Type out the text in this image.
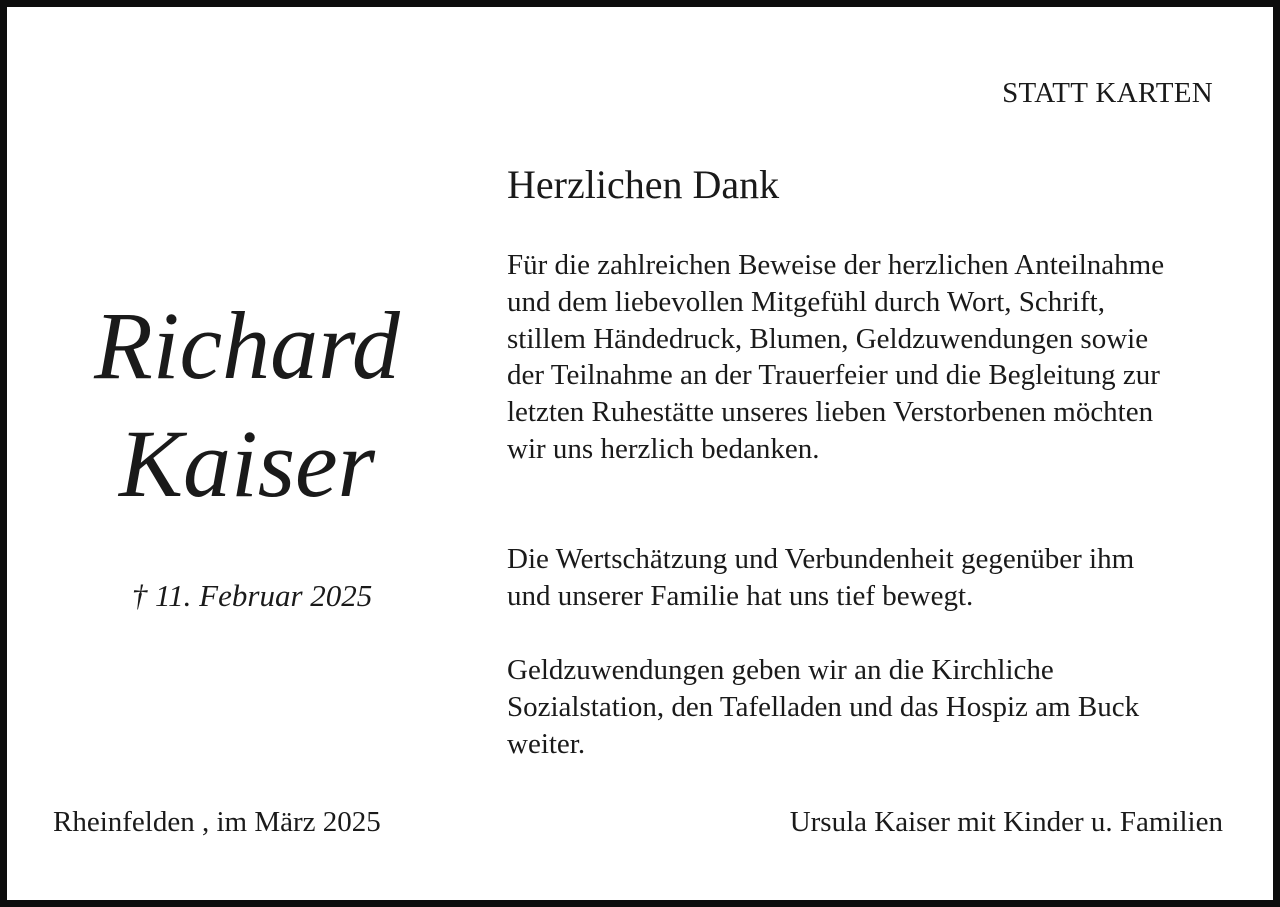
STATT KARTEN
Richard
Kaiser
† 11. Februar 2025
Herzlichen Dank

Für die zahlreichen Beweise der herzlichen Anteilnahme
und dem liebevollen Mitgefühl durch Wort, Schrift,
stillem Händedruck, Blumen, Geldzuwendungen sowie
der Teilnahme an der Trauerfeier und die Begleitung zur
letzten Ruhestätte unseres lieben Verstorbenen möchten
wir uns herzlich bedanken.

Die Wertschätzung und Verbundenheit gegenüber ihm
und unserer Familie hat uns tief bewegt.

Geldzuwendungen geben wir an die Kirchliche
Sozialstation, den Tafelladen und das Hospiz am Buck
weiter.

Rheinfelden , im März 2025	Ursula Kaiser mit Kinder u. Familien
